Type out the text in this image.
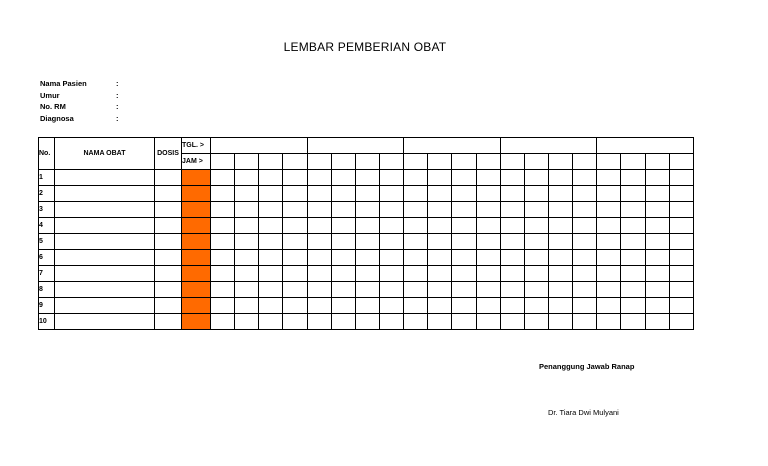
LEMBAR PEMBERIAN OBAT
Nama Pasien	:
Umur	:
No. RM	:
Diagnosa	:
No.	NAMA OBAT	DOSIS	TGL. >																				
			JAM >																				
1																							
2																							
3																							
4																							
5																							
6																							
7																							
8																							
9																							
10																							
Penanggung Jawab Ranap
Dr. Tiara Dwi Mulyani
